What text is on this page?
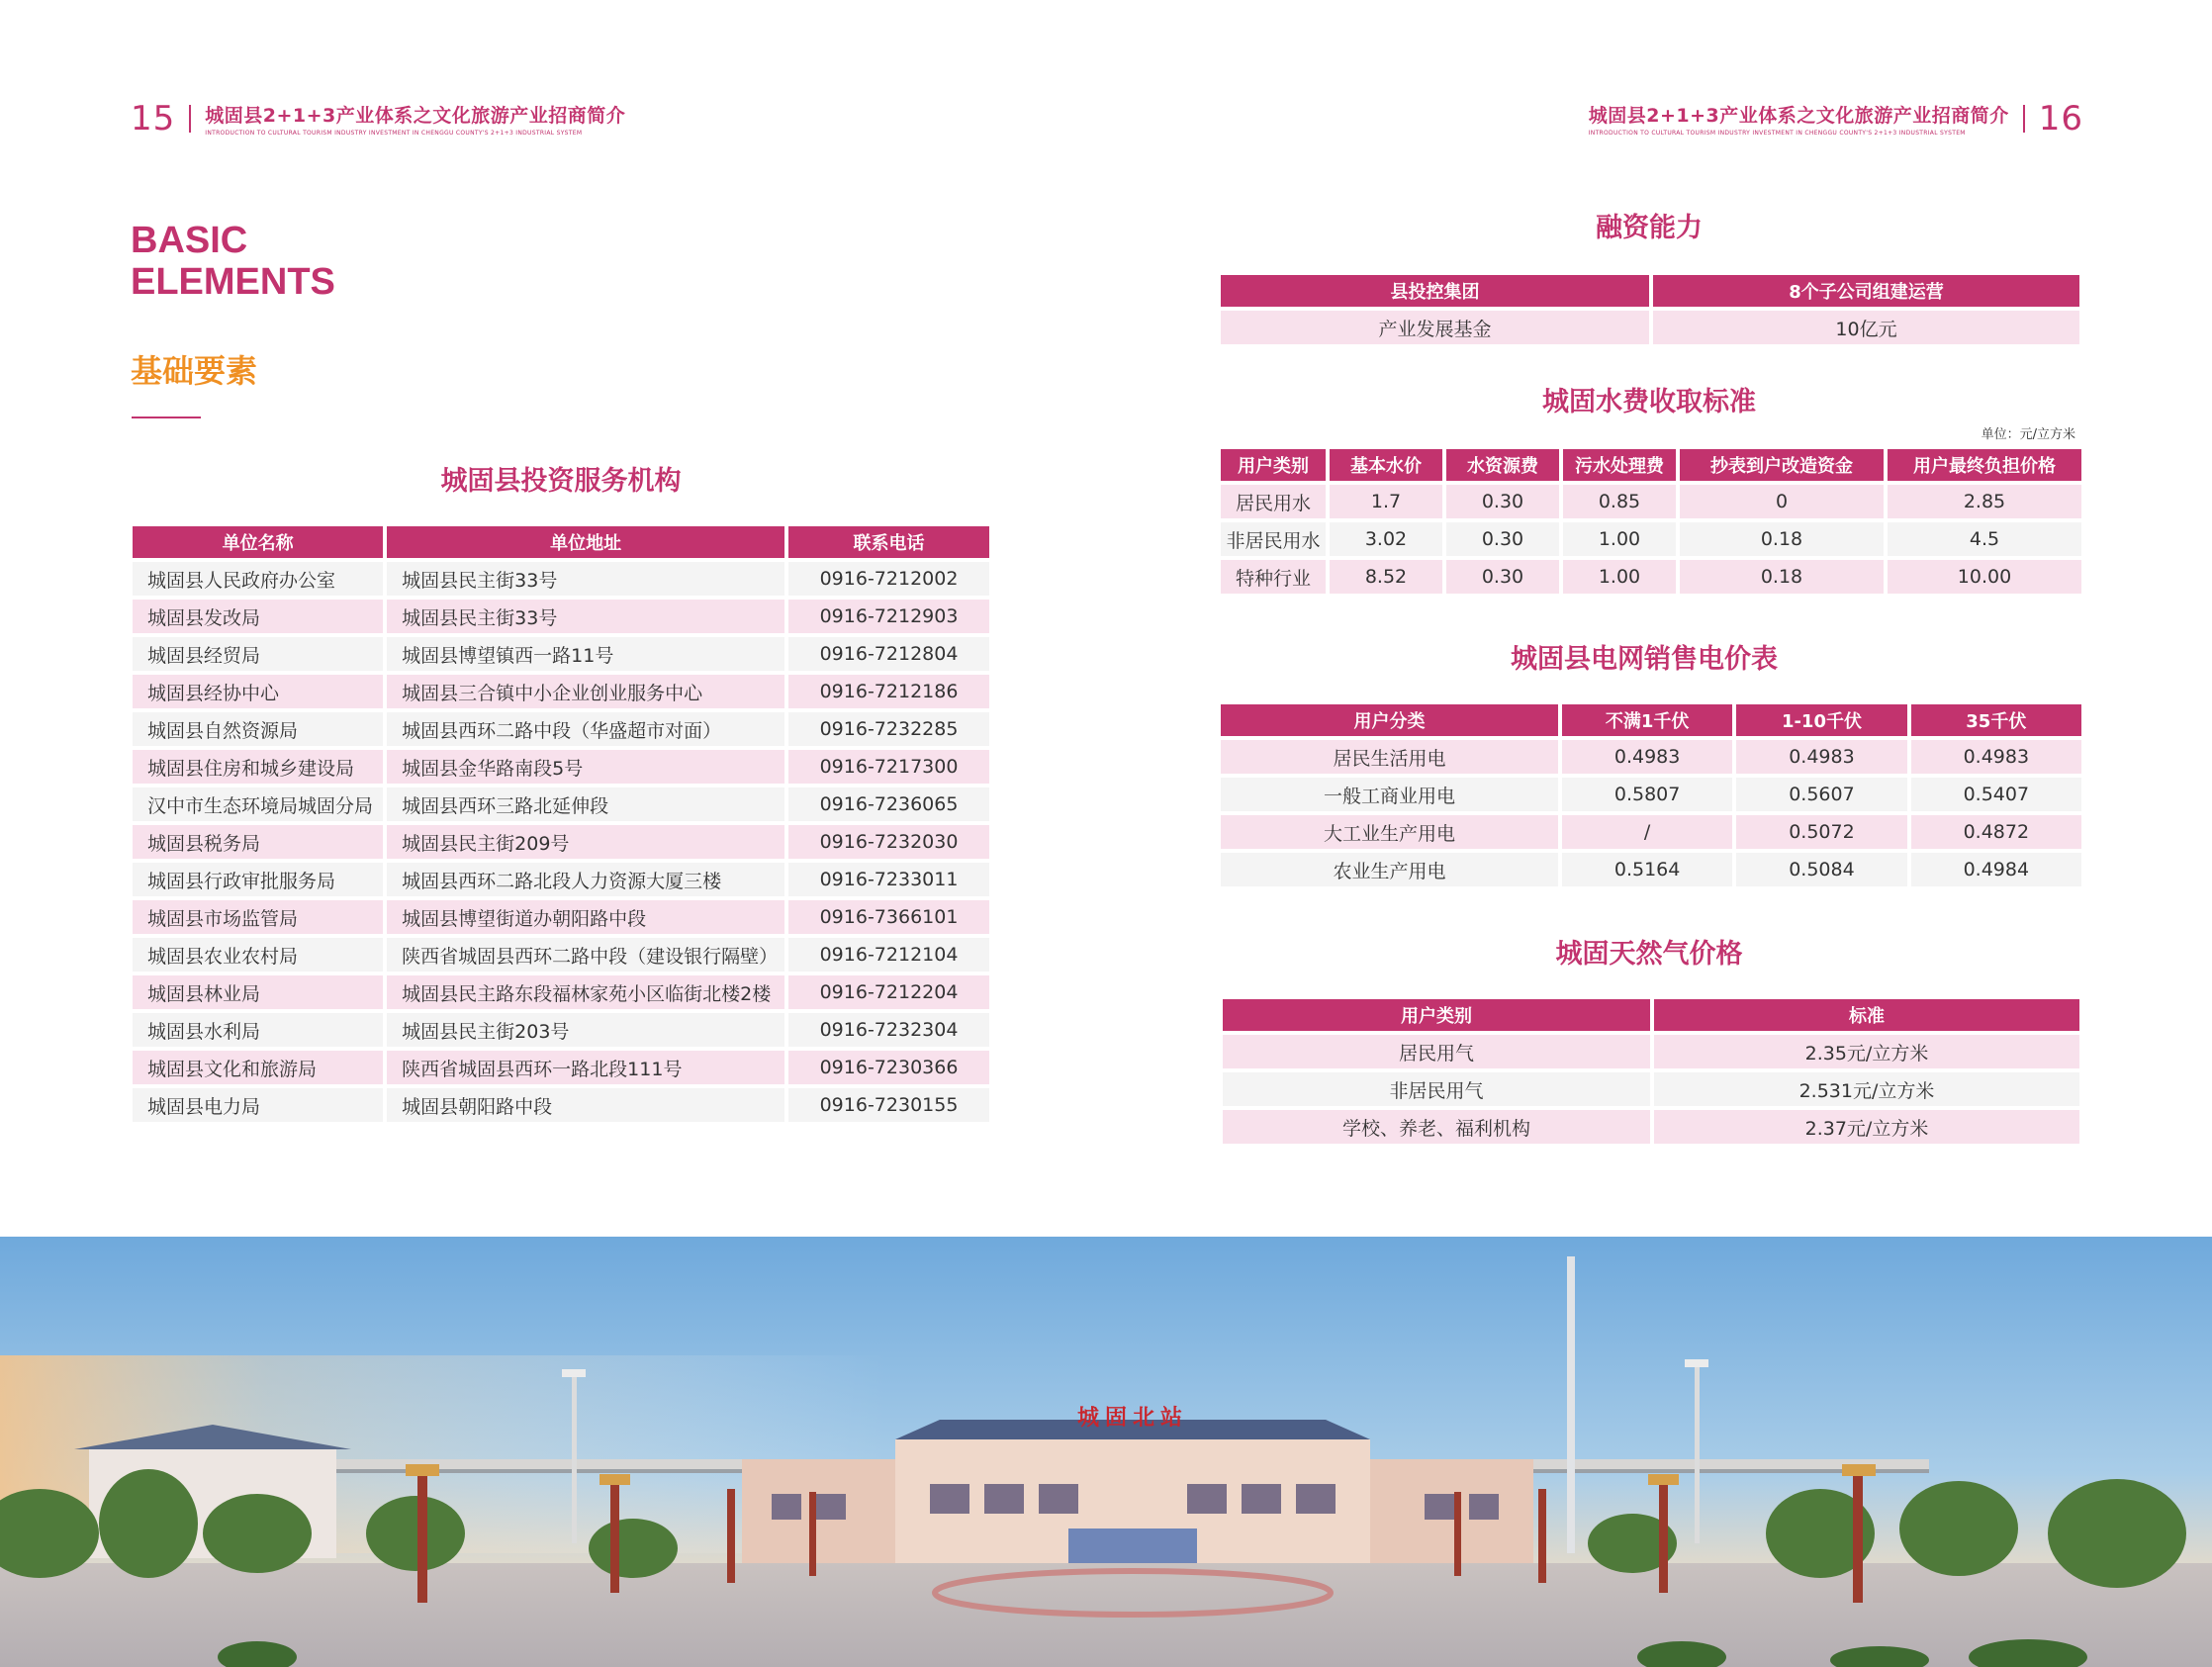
15 城固县2+1+3产业体系之文化旅游产业招商简介
INTRODUCTION TO CULTURAL TOURISM INDUSTRY INVESTMENT IN CHENGGU COUNTY'S 2+1+3 INDUSTRIAL SYSTEM
城固县2+1+3产业体系之文化旅游产业招商简介
INTRODUCTION TO CULTURAL TOURISM INDUSTRY INVESTMENT IN CHENGGU COUNTY'S 2+1+3 INDUSTRIAL SYSTEM	16
BASIC
ELEMENTS
基础要素
城固县投资服务机构
单位名称	单位地址	联系电话
城固县人民政府办公室	城固县民主街33号	0916-7212002
城固县发改局	城固县民主街33号	0916-7212903
城固县经贸局	城固县博望镇西一路11号	0916-7212804
城固县经协中心	城固县三合镇中小企业创业服务中心	0916-7212186
城固县自然资源局	城固县西环二路中段（华盛超市对面）	0916-7232285
城固县住房和城乡建设局	城固县金华路南段5号	0916-7217300
汉中市生态环境局城固分局	城固县西环三路北延伸段	0916-7236065
城固县税务局	城固县民主街209号	0916-7232030
城固县行政审批服务局	城固县西环二路北段人力资源大厦三楼	0916-7233011
城固县市场监管局	城固县博望街道办朝阳路中段	0916-7366101
城固县农业农村局	陕西省城固县西环二路中段（建设银行隔壁）	0916-7212104
城固县林业局	城固县民主路东段福林家苑小区临街北楼2楼	0916-7212204
城固县水利局	城固县民主街203号	0916-7232304
城固县文化和旅游局	陕西省城固县西环一路北段111号	0916-7230366
城固县电力局	城固县朝阳路中段	0916-7230155
融资能力
县投控集团	8个子公司组建运营
产业发展基金	10亿元
城固水费收取标准
单位：元/立方米
用户类别	基本水价	水资源费	污水处理费	抄表到户改造资金	用户最终负担价格
居民用水	1.7	0.30	0.85	0	2.85
非居民用水	3.02	0.30	1.00	0.18	4.5
特种行业	8.52	0.30	1.00	0.18	10.00
城固县电网销售电价表
用户分类	不满1千伏	1-10千伏	35千伏
居民生活用电	0.4983	0.4983	0.4983
一般工商业用电	0.5807	0.5607	0.5407
大工业生产用电	/	0.5072	0.4872
农业生产用电	0.5164	0.5084	0.4984
城固天然气价格
用户类别	标准
居民用气	2.35元/立方米
非居民用气	2.531元/立方米
学校、养老、福利机构	2.37元/立方米
城固北站
